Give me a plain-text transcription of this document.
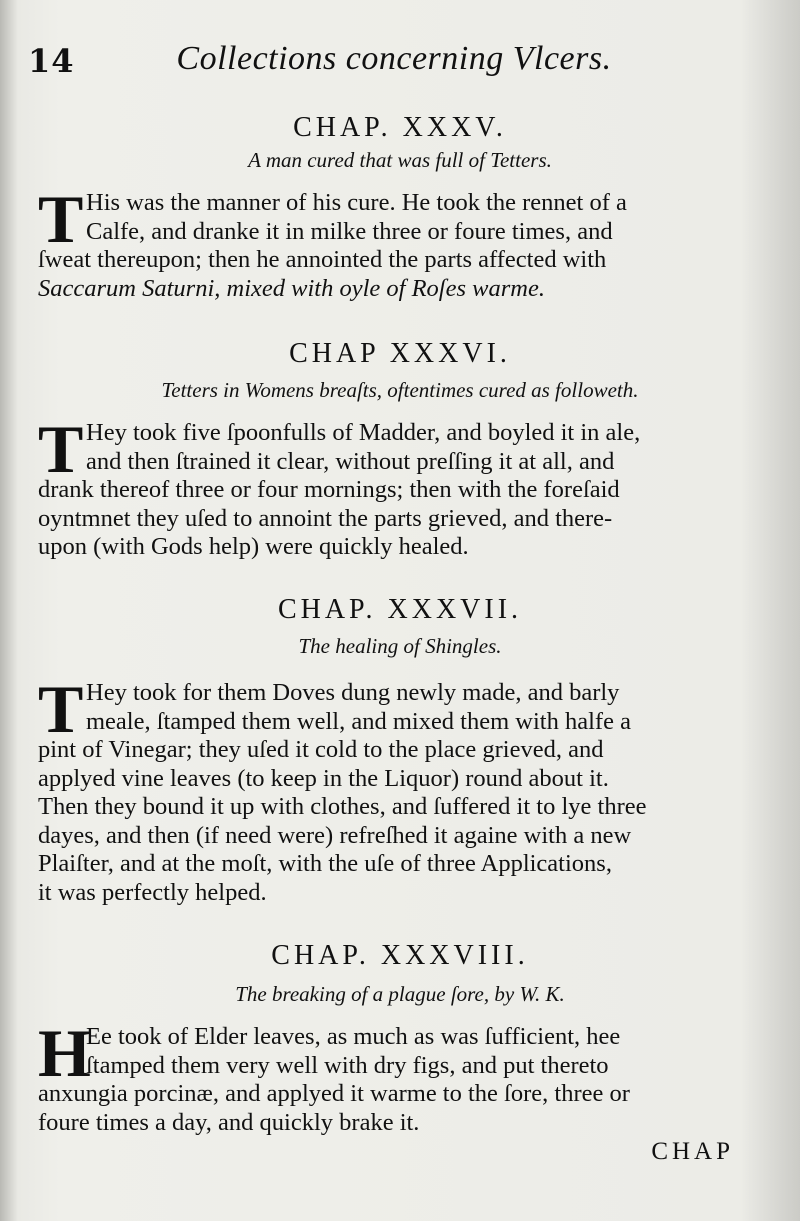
14	Collections concerning Vlcers.

CHAP. XXXV.

A man cured that was full of Tetters.

T His was the manner of his cure. He took the rennet of a
Calfe, and dranke it in milke three or foure times, and
ſweat thereupon; then he annointed the parts affected with
Saccarum Saturni, mixed with oyle of Roſes warme.

CHAP XXXVI.

Tetters in Womens breaſts, oftentimes cured as followeth.

T Hey took five ſpoonfulls of Madder, and boyled it in ale,
and then ſtrained it clear, without preſſing it at all, and
drank thereof three or four mornings; then with the foreſaid
oyntmnet they uſed to annoint the parts grieved, and there-
upon (with Gods help) were quickly healed.

CHAP. XXXVII.

The healing of Shingles.

T Hey took for them Doves dung newly made, and barly
meale, ſtamped them well, and mixed them with halfe a
pint of Vinegar; they uſed it cold to the place grieved, and
applyed vine leaves (to keep in the Liquor) round about it.
Then they bound it up with clothes, and ſuffered it to lye three
dayes, and then (if need were) refreſhed it againe with a new
Plaiſter, and at the moſt, with the uſe of three Applications,
it was perfectly helped.

CHAP. XXXVIII.

The breaking of a plague ſore, by W. K.

H
Ee took of Elder leaves, as much as was ſufficient, hee
ſtamped them very well with dry figs, and put thereto
anxungia porcinæ, and applyed it warme to the ſore, three or
foure times a day, and quickly brake it.
CHAP
